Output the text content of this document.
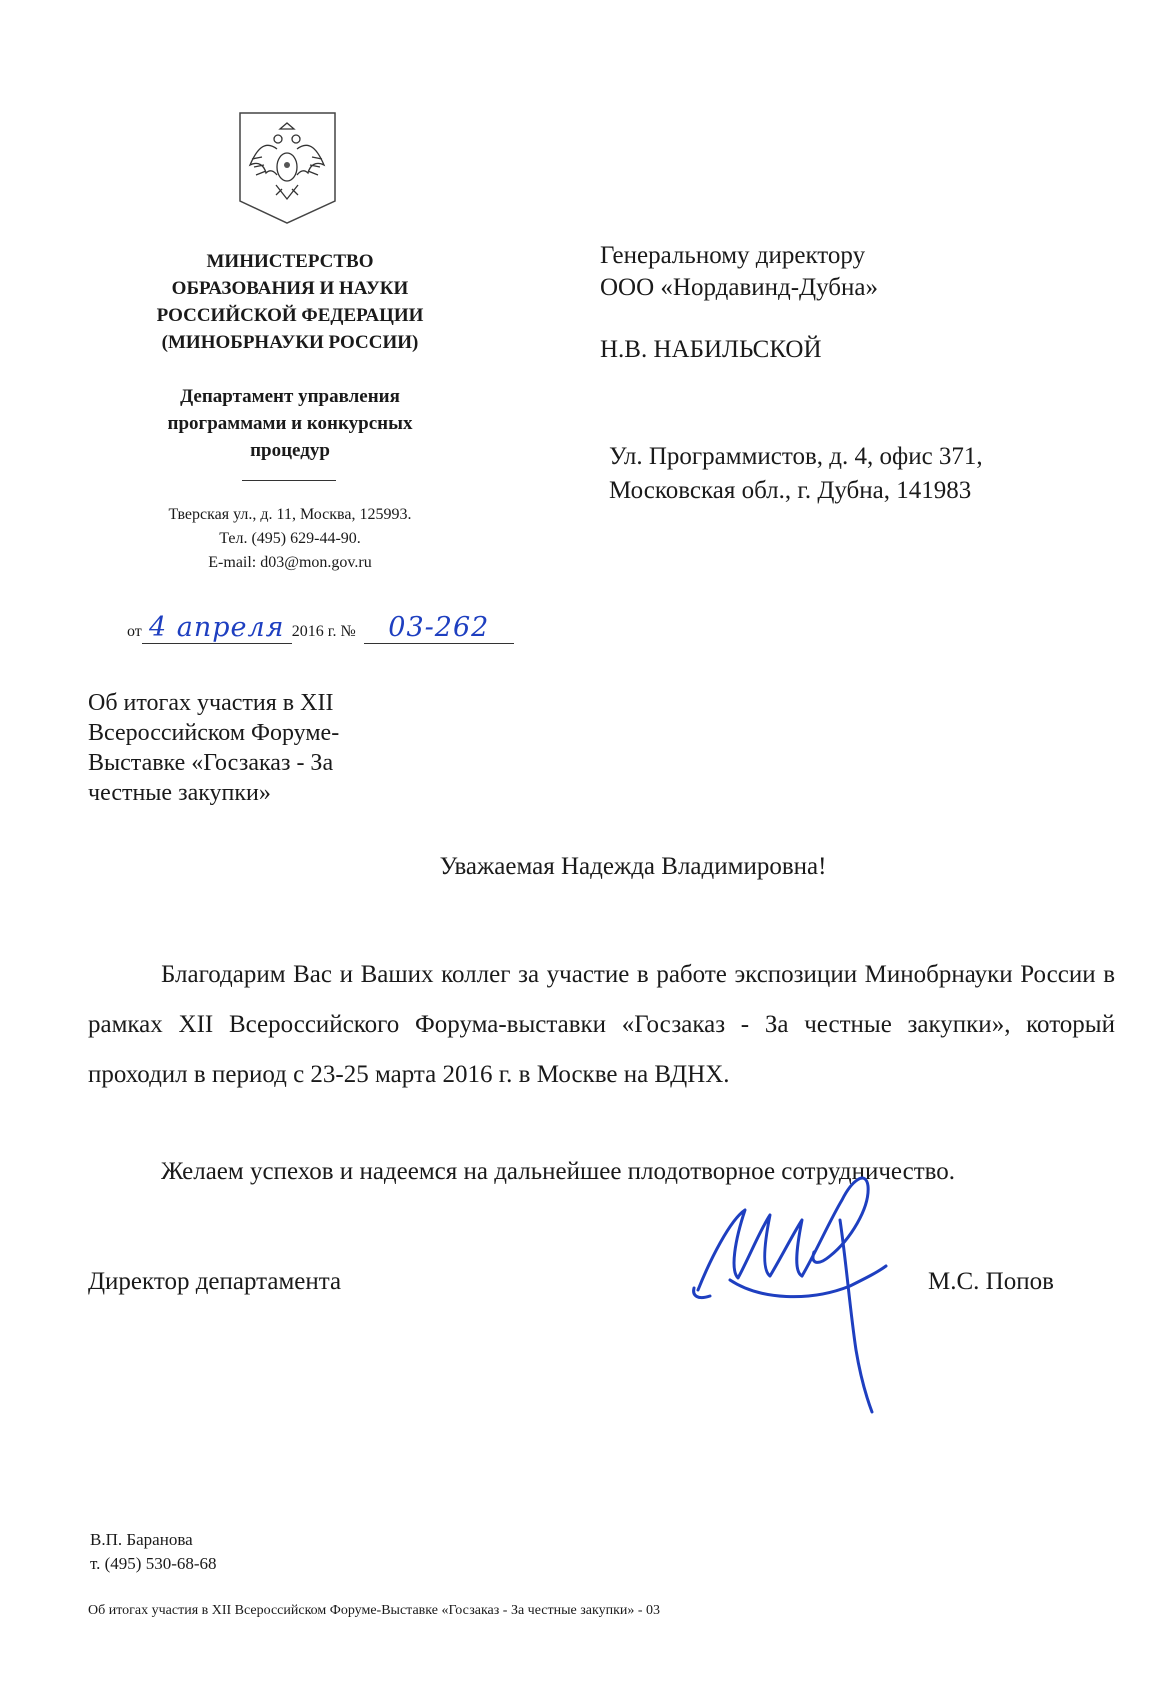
МИНИСТЕРСТВО
ОБРАЗОВАНИЯ И НАУКИ
РОССИЙСКОЙ ФЕДЕРАЦИИ
(МИНОБРНАУКИ РОССИИ)
Департамент управления
программами и конкурсных
процедур
Тверская ул., д. 11, Москва, 125993.
Тел. (495) 629-44-90.
E-mail: d03@mon.gov.ru
от 4 апреля 2016 г. № 03-262
Генеральному директору
ООО «Нордавинд-Дубна»
Н.В. НАБИЛЬСКОЙ
Ул. Программистов, д. 4, офис 371,
Московская обл., г. Дубна, 141983
Об итогах участия в XII Всероссийском Форуме-Выставке «Госзаказ - За честные закупки»
Уважаемая Надежда Владимировна!
Благодарим Вас и Ваших коллег за участие в работе экспозиции Минобрнауки России в рамках XII Всероссийского Форума-выставки «Госзаказ - За честные закупки», который проходил в период с 23-25 марта 2016 г. в Москве на ВДНХ.
Желаем успехов и надеемся на дальнейшее плодотворное сотрудничество.
Директор департамента	М.С. Попов
В.П. Баранова
т. (495) 530-68-68
Об итогах участия в XII Всероссийском Форуме-Выставке «Госзаказ - За честные закупки» - 03
